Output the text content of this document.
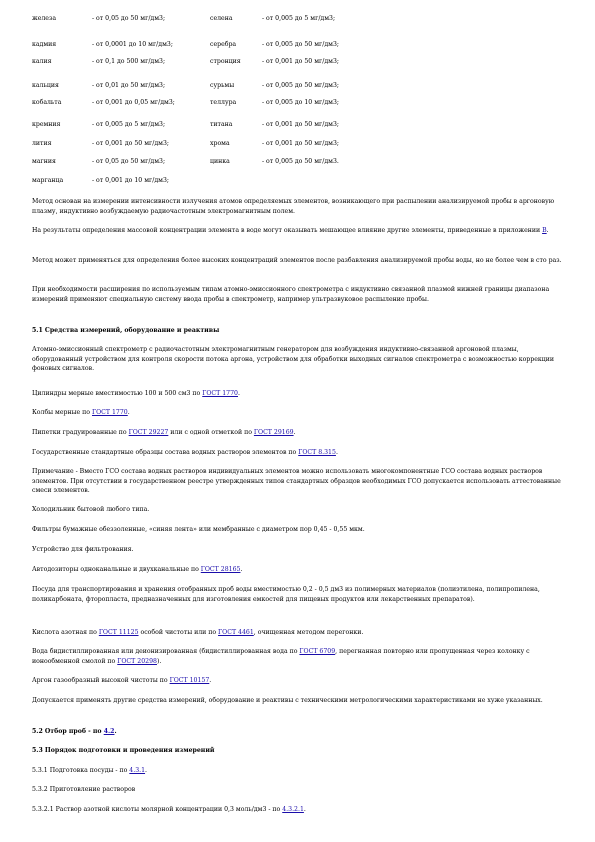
железа	- от 0,05 до 50 мг/дм3;	селена	- от 0,005 до 5 мг/дм3;
кадмия	- от 0,0001 до 10 мг/дм3;	серебра	- от 0,005 до 50 мг/дм3;
калия	- от 0,1 до 500 мг/дм3;	стронция	- от 0,001 до 50 мг/дм3;
кальция	- от 0,01 до 50 мг/дм3;	сурьмы	- от 0,005 до 50 мг/дм3;
кобальта	- от 0,001 до 0,05 мг/дм3;	теллура	- от 0,005 до 10 мг/дм3;
кремния	- от 0,005 до 5 мг/дм3;	титана	- от 0,001 до 50 мг/дм3;
лития	- от 0,001 до 50 мг/дм3;	хрома	- от 0,001 до 50 мг/дм3;
магния	- от 0,05 до 50 мг/дм3;	цинка	- от 0,005 до 50 мг/дм3.
марганца	- от 0,001 до 10 мг/дм3;

Метод основан на измерении интенсивности излучения атомов определяемых элементов, возникающего при распылении анализируемой пробы в аргоновую плазму, индуктивно возбуждаемую радиочастотным электромагнитным полем.

На результаты определения массовой концентрации элемента в воде могут оказывать мешающее влияние другие элементы, приведенные в приложении В.

Метод может применяться для определения более высоких концентраций элементов после разбавления анализируемой пробы воды, но не более чем в сто раз.

При необходимости расширения по используемым типам атомно-эмиссионного спектрометра с индуктивно связанной плазмой нижней границы диапазона измерений применяют специальную систему ввода пробы в спектрометр, например ультразвуковое распыление пробы.

5.1 Средства измерений, оборудование и реактивы

Атомно-эмиссионный спектрометр с радиочастотным электромагнитным генератором для возбуждения индуктивно-связанной аргоновой плазмы, оборудованный устройством для контроля скорости потока аргона, устройством для обработки выходных сигналов спектрометра с возможностью коррекции фоновых сигналов.

Цилиндры мерные вместимостью 100 и 500 см3 по ГОСТ 1770.

Колбы мерные по ГОСТ 1770.

Пипетки градуированные по ГОСТ 29227 или с одной отметкой по ГОСТ 29169.

Государственные стандартные образцы состава водных растворов элементов по ГОСТ 8.315.

Примечание - Вместо ГСО состава водных растворов индивидуальных элементов можно использовать многокомпонентные ГСО состава водных растворов элементов. При отсутствии в государственном реестре утвержденных типов стандартных образцов необходимых ГСО допускается использовать аттестованные смеси элементов.

Холодильник бытовой любого типа.

Фильтры бумажные обеззоленные, «синяя лента» или мембранные с диаметром пор 0,45 - 0,55 мкм.

Устройство для фильтрования.

Автодозиторы одноканальные и двухканальные по ГОСТ 28165.

Посуда для транспортирования и хранения отобранных проб воды вместимостью 0,2 - 0,5 дм3 из полимерных материалов (полиэтилена, полипропилена, поликарбоната, фторопласта, предназначенных для изготовления емкостей для пищевых продуктов или лекарственных препаратов).

Кислота азотная по ГОСТ 11125 особой чистоты или по ГОСТ 4461, очищенная методом перегонки.

Вода бидистиллированная или деионизированная (бидистиллированная вода по ГОСТ 6709, перегнанная повторно или пропущенная через колонку с ионообменной смолой по ГОСТ 20298).

Аргон газообразный высокой чистоты по ГОСТ 10157.

Допускается применять другие средства измерений, оборудование и реактивы с техническими метрологическими характеристиками не хуже указанных.

5.2 Отбор проб - по 4.2.

5.3 Порядок подготовки и проведения измерений

5.3.1 Подготовка посуды - по 4.3.1.

5.3.2 Приготовление растворов

5.3.2.1 Раствор азотной кислоты молярной концентрации 0,3 моль/дм3 - по 4.3.2.1.
